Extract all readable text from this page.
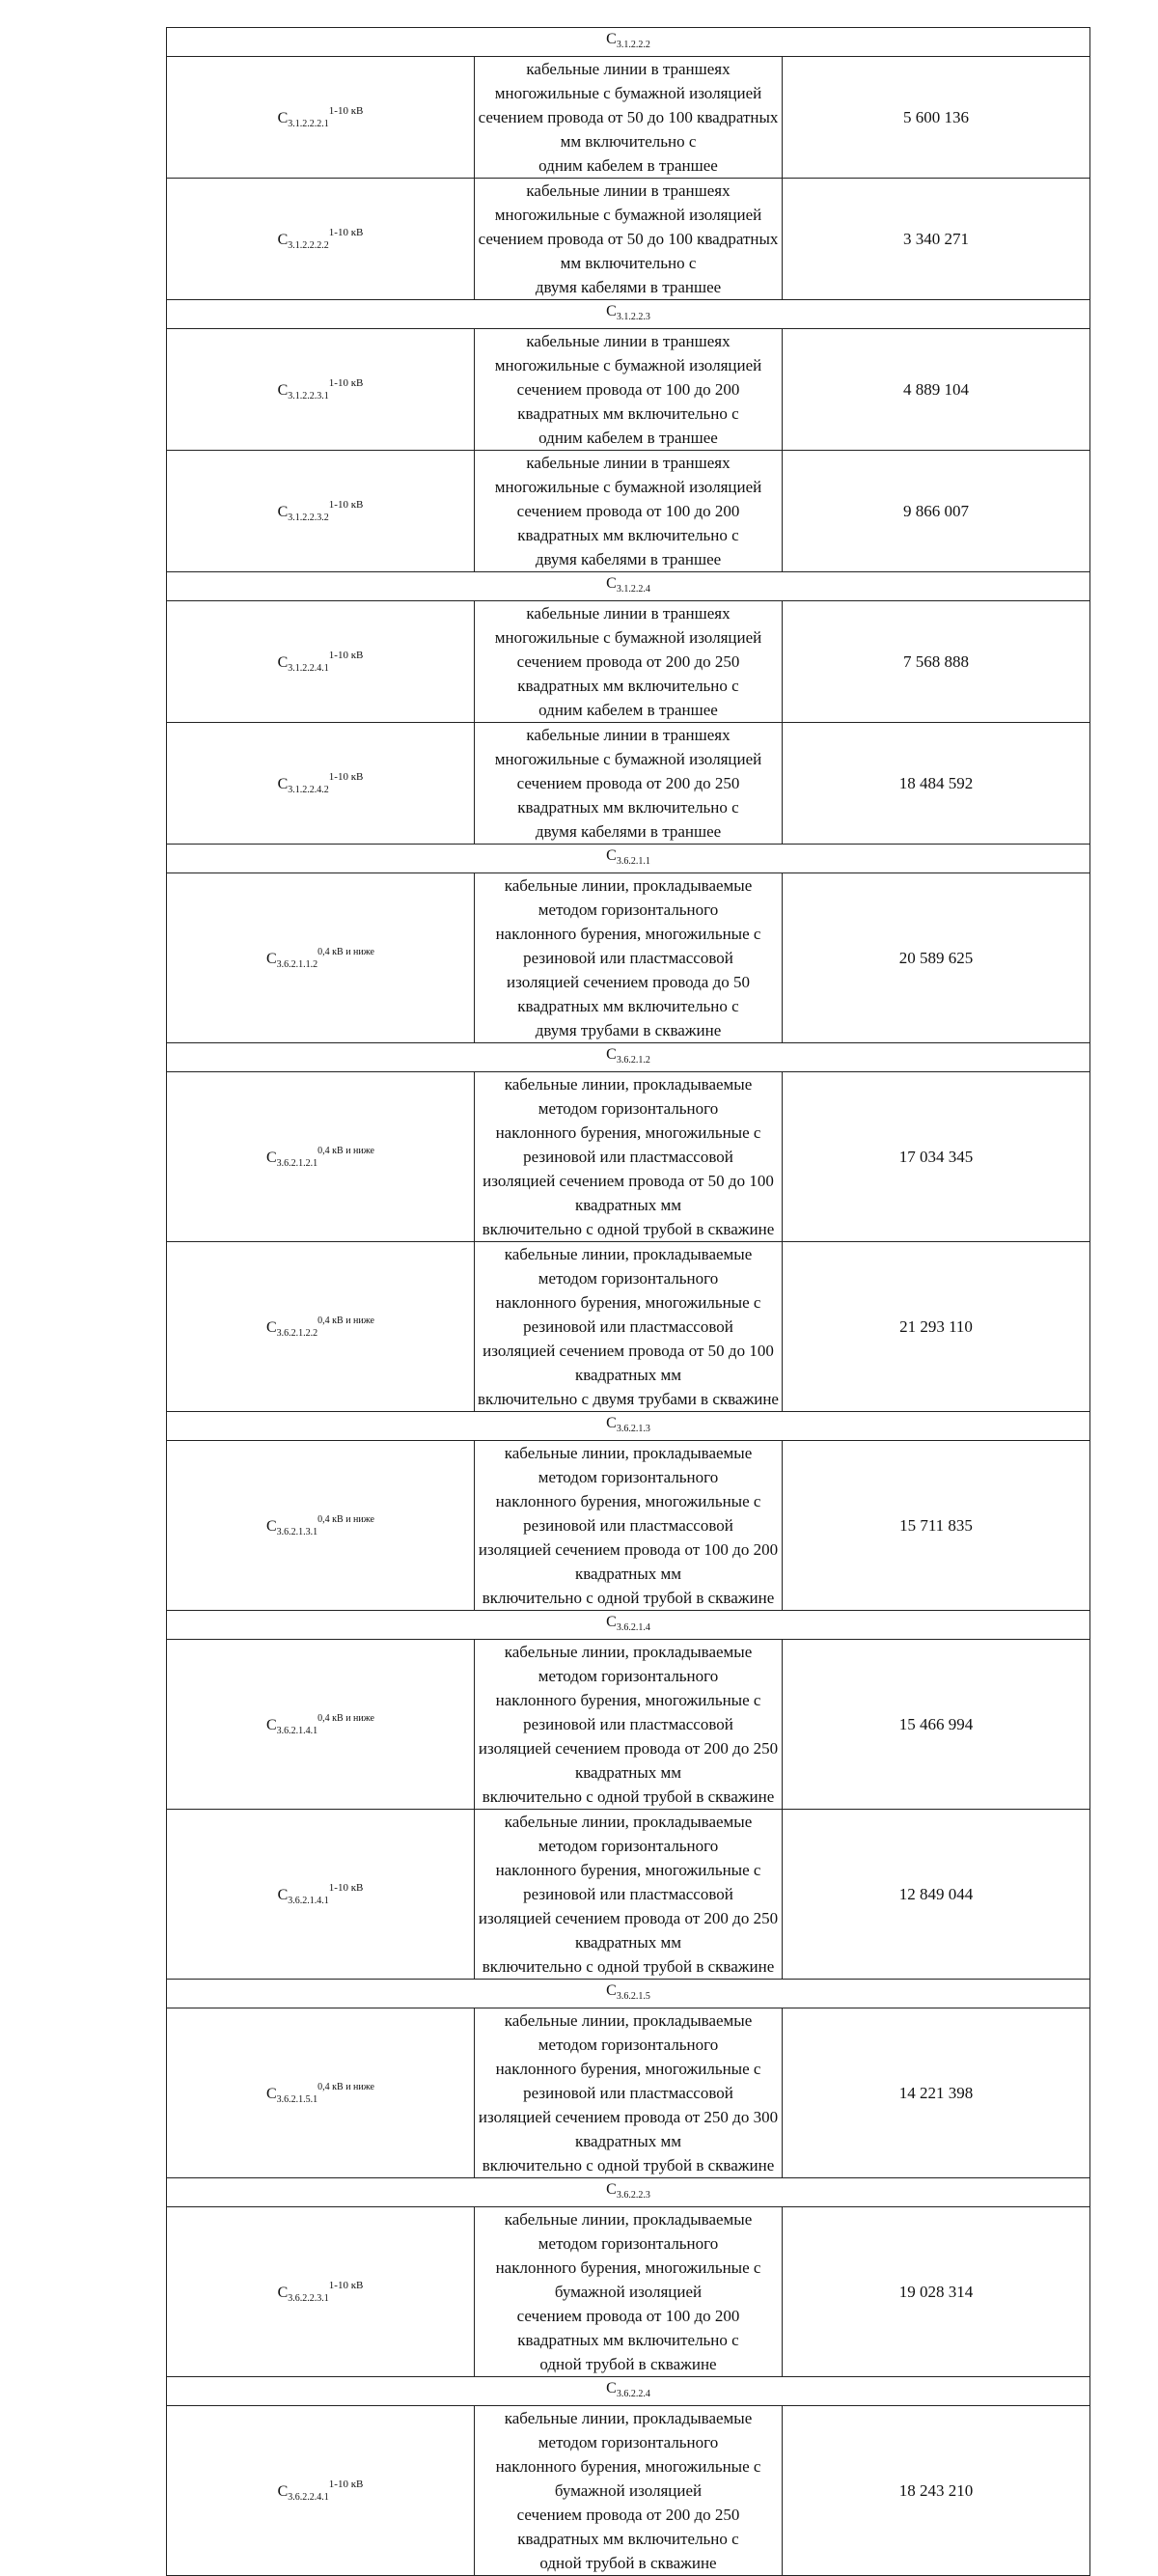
$С_{3.1.2.2.2}$
$С_{3.1.2.2.2.1}^{1-10 кВ}$	кабельные линии в траншеях многожильные с бумажной изоляцией
сечением провода от 50 до 100 квадратных мм включительно с
одним кабелем в траншее	5 600 136
$С_{3.1.2.2.2.2}^{1-10 кВ}$	кабельные линии в траншеях многожильные с бумажной изоляцией
сечением провода от 50 до 100 квадратных мм включительно с
двумя кабелями в траншее	3 340 271
$С_{3.1.2.2.3}$
$С_{3.1.2.2.3.1}^{1-10 кВ}$	кабельные линии в траншеях многожильные с бумажной изоляцией
сечением провода от 100 до 200 квадратных мм включительно с
одним кабелем в траншее	4 889 104
$С_{3.1.2.2.3.2}^{1-10 кВ}$	кабельные линии в траншеях многожильные с бумажной изоляцией
сечением провода от 100 до 200 квадратных мм включительно с
двумя кабелями в траншее	9 866 007
$С_{3.1.2.2.4}$
$С_{3.1.2.2.4.1}^{1-10 кВ}$	кабельные линии в траншеях многожильные с бумажной изоляцией
сечением провода от 200 до 250 квадратных мм включительно с
одним кабелем в траншее	7 568 888
$С_{3.1.2.2.4.2}^{1-10 кВ}$	кабельные линии в траншеях многожильные с бумажной изоляцией
сечением провода от 200 до 250 квадратных мм включительно с
двумя кабелями в траншее	18 484 592
$С_{3.6.2.1.1}$
$С_{3.6.2.1.1.2}^{0,4 кВ и ниже}$	кабельные линии, прокладываемые методом горизонтального
наклонного бурения, многожильные с резиновой или пластмассовой
изоляцией сечением провода до 50 квадратных мм включительно с
двумя трубами в скважине	20 589 625
$С_{3.6.2.1.2}$
$С_{3.6.2.1.2.1}^{0,4 кВ и ниже}$	кабельные линии, прокладываемые методом горизонтального
наклонного бурения, многожильные с резиновой или пластмассовой
изоляцией сечением провода от 50 до 100 квадратных мм
включительно с одной трубой в скважине	17 034 345
$С_{3.6.2.1.2.2}^{0,4 кВ и ниже}$	кабельные линии, прокладываемые методом горизонтального
наклонного бурения, многожильные с резиновой или пластмассовой
изоляцией сечением провода от 50 до 100 квадратных мм
включительно с двумя трубами в скважине	21 293 110
$С_{3.6.2.1.3}$
$С_{3.6.2.1.3.1}^{0,4 кВ и ниже}$	кабельные линии, прокладываемые методом горизонтального
наклонного бурения, многожильные с резиновой или пластмассовой
изоляцией сечением провода от 100 до 200 квадратных мм
включительно с одной трубой в скважине	15 711 835
$С_{3.6.2.1.4}$
$С_{3.6.2.1.4.1}^{0,4 кВ и ниже}$	кабельные линии, прокладываемые методом горизонтального
наклонного бурения, многожильные с резиновой или пластмассовой
изоляцией сечением провода от 200 до 250 квадратных мм
включительно с одной трубой в скважине	15 466 994
$С_{3.6.2.1.4.1}^{1-10 кВ}$	кабельные линии, прокладываемые методом горизонтального
наклонного бурения, многожильные с резиновой или пластмассовой
изоляцией сечением провода от 200 до 250 квадратных мм
включительно с одной трубой в скважине	12 849 044
$С_{3.6.2.1.5}$
$С_{3.6.2.1.5.1}^{0,4 кВ и ниже}$	кабельные линии, прокладываемые методом горизонтального
наклонного бурения, многожильные с резиновой или пластмассовой
изоляцией сечением провода от 250 до 300 квадратных мм
включительно с одной трубой в скважине	14 221 398
$С_{3.6.2.2.3}$
$С_{3.6.2.2.3.1}^{1-10 кВ}$	кабельные линии, прокладываемые методом горизонтального
наклонного бурения, многожильные с бумажной изоляцией
сечением провода от 100 до 200 квадратных мм включительно с
одной трубой в скважине	19 028 314
$С_{3.6.2.2.4}$
$С_{3.6.2.2.4.1}^{1-10 кВ}$	кабельные линии, прокладываемые методом горизонтального
наклонного бурения, многожильные с бумажной изоляцией
сечением провода от 200 до 250 квадратных мм включительно с
одной трубой в скважине	18 243 210
